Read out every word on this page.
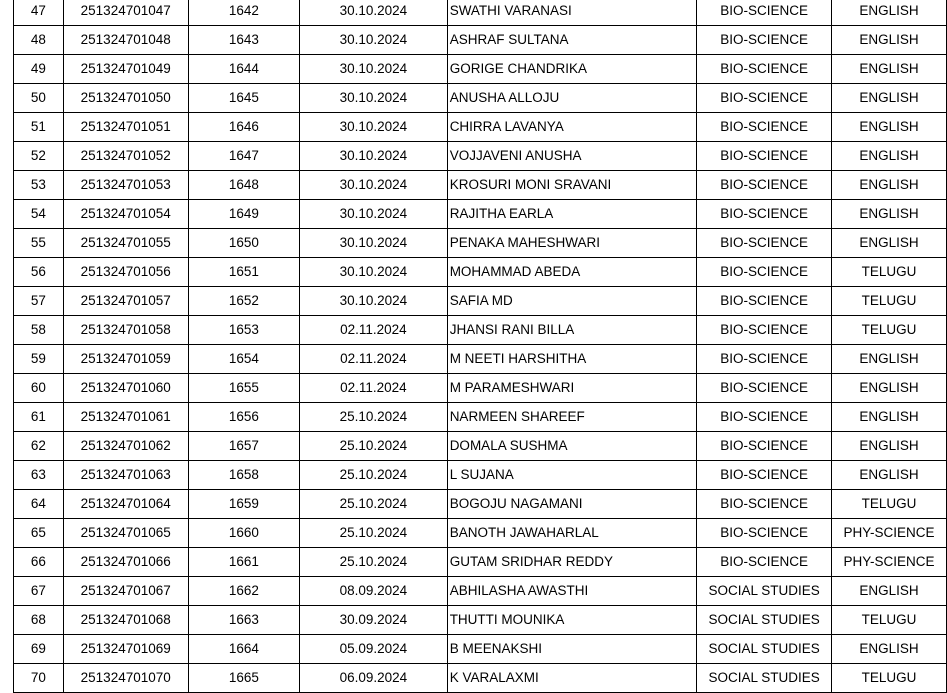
47	251324701047	1642	30.10.2024	SWATHI VARANASI	BIO-SCIENCE	ENGLISH
48	251324701048	1643	30.10.2024	ASHRAF SULTANA	BIO-SCIENCE	ENGLISH
49	251324701049	1644	30.10.2024	GORIGE CHANDRIKA	BIO-SCIENCE	ENGLISH
50	251324701050	1645	30.10.2024	ANUSHA ALLOJU	BIO-SCIENCE	ENGLISH
51	251324701051	1646	30.10.2024	CHIRRA LAVANYA	BIO-SCIENCE	ENGLISH
52	251324701052	1647	30.10.2024	VOJJAVENI ANUSHA	BIO-SCIENCE	ENGLISH
53	251324701053	1648	30.10.2024	KROSURI MONI SRAVANI	BIO-SCIENCE	ENGLISH
54	251324701054	1649	30.10.2024	RAJITHA EARLA	BIO-SCIENCE	ENGLISH
55	251324701055	1650	30.10.2024	PENAKA MAHESHWARI	BIO-SCIENCE	ENGLISH
56	251324701056	1651	30.10.2024	MOHAMMAD ABEDA	BIO-SCIENCE	TELUGU
57	251324701057	1652	30.10.2024	SAFIA MD	BIO-SCIENCE	TELUGU
58	251324701058	1653	02.11.2024	JHANSI RANI BILLA	BIO-SCIENCE	TELUGU
59	251324701059	1654	02.11.2024	M NEETI HARSHITHA	BIO-SCIENCE	ENGLISH
60	251324701060	1655	02.11.2024	M PARAMESHWARI	BIO-SCIENCE	ENGLISH
61	251324701061	1656	25.10.2024	NARMEEN SHAREEF	BIO-SCIENCE	ENGLISH
62	251324701062	1657	25.10.2024	DOMALA SUSHMA	BIO-SCIENCE	ENGLISH
63	251324701063	1658	25.10.2024	L SUJANA	BIO-SCIENCE	ENGLISH
64	251324701064	1659	25.10.2024	BOGOJU NAGAMANI	BIO-SCIENCE	TELUGU
65	251324701065	1660	25.10.2024	BANOTH JAWAHARLAL	BIO-SCIENCE	PHY-SCIENCE
66	251324701066	1661	25.10.2024	GUTAM SRIDHAR REDDY	BIO-SCIENCE	PHY-SCIENCE
67	251324701067	1662	08.09.2024	ABHILASHA AWASTHI	SOCIAL STUDIES	ENGLISH
68	251324701068	1663	30.09.2024	THUTTI MOUNIKA	SOCIAL STUDIES	TELUGU
69	251324701069	1664	05.09.2024	B MEENAKSHI	SOCIAL STUDIES	ENGLISH
70	251324701070	1665	06.09.2024	K VARALAXMI	SOCIAL STUDIES	TELUGU
